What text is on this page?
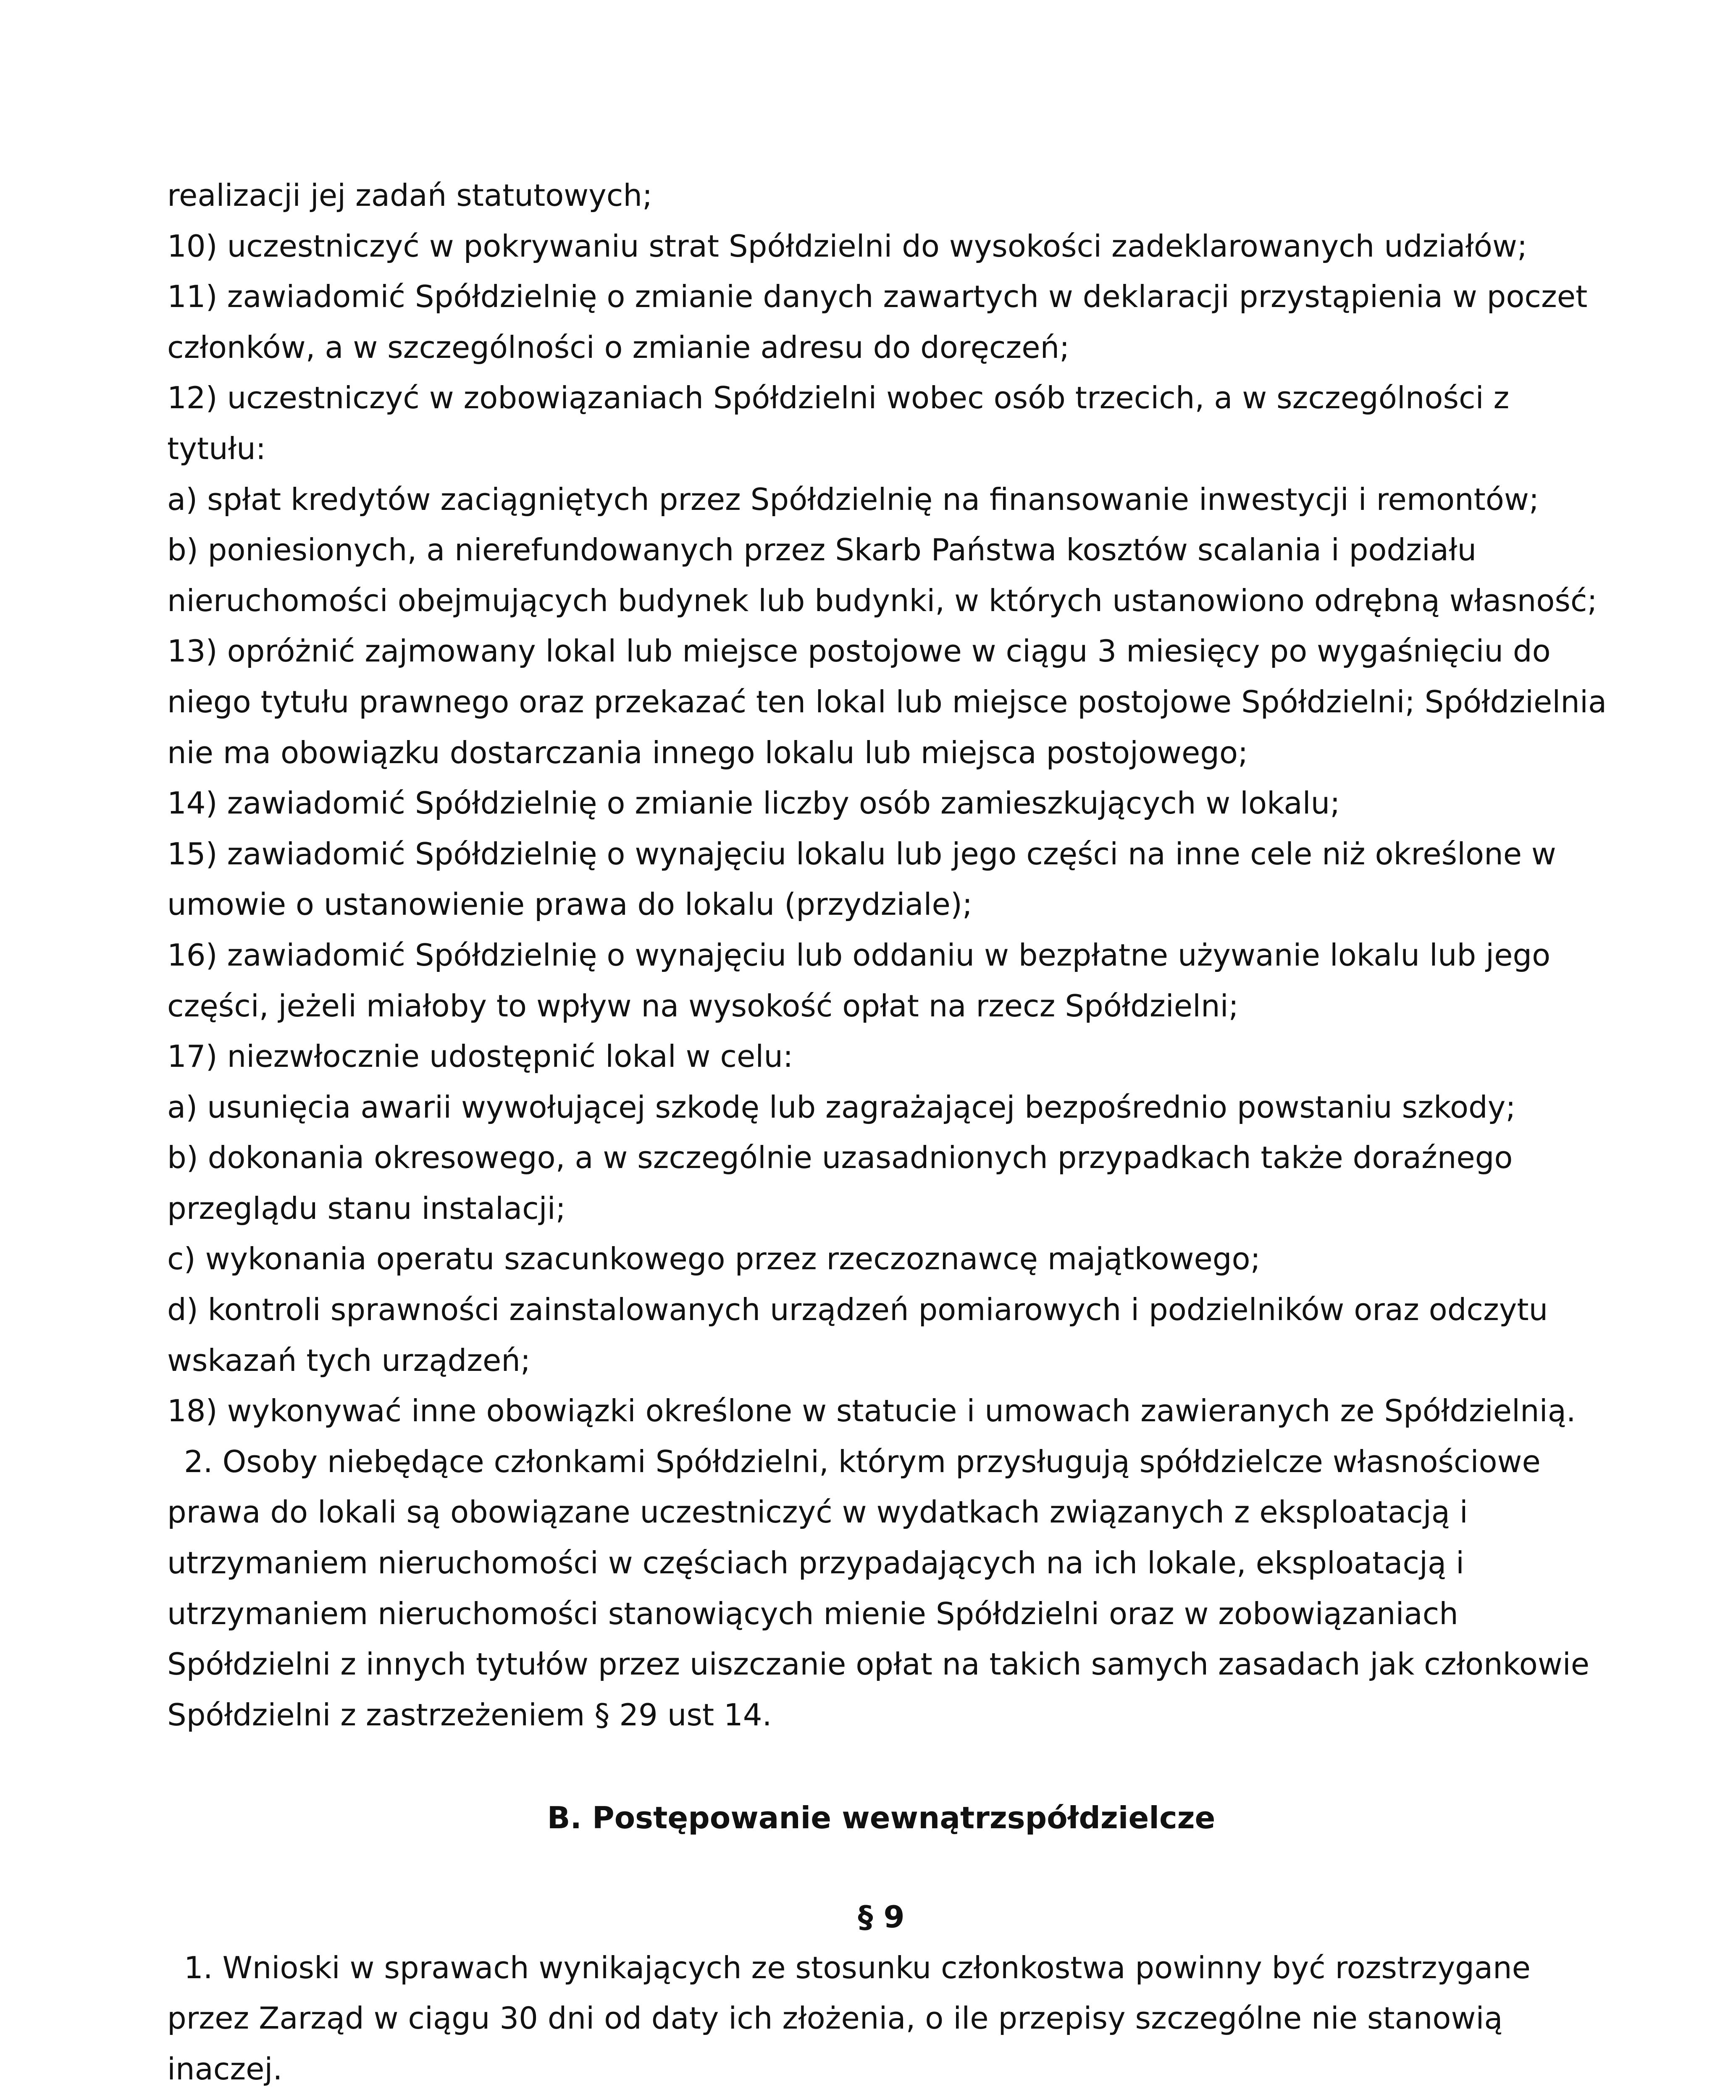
realizacji jej zadań statutowych;
10) uczestniczyć w pokrywaniu strat Spółdzielni do wysokości zadeklarowanych udziałów;
11) zawiadomić Spółdzielnię o zmianie danych zawartych w deklaracji przystąpienia w poczet
członków, a w szczególności o zmianie adresu do doręczeń;
12) uczestniczyć w zobowiązaniach Spółdzielni wobec osób trzecich, a w szczególności z
tytułu:
a) spłat kredytów zaciągniętych przez Spółdzielnię na finansowanie inwestycji i remontów;
b) poniesionych, a nierefundowanych przez Skarb Państwa kosztów scalania i podziału
nieruchomości obejmujących budynek lub budynki, w których ustanowiono odrębną własność;
13) opróżnić zajmowany lokal lub miejsce postojowe w ciągu 3 miesięcy po wygaśnięciu do
niego tytułu prawnego oraz przekazać ten lokal lub miejsce postojowe Spółdzielni; Spółdzielnia
nie ma obowiązku dostarczania innego lokalu lub miejsca postojowego;
14) zawiadomić Spółdzielnię o zmianie liczby osób zamieszkujących w lokalu;
15) zawiadomić Spółdzielnię o wynajęciu lokalu lub jego części na inne cele niż określone w
umowie o ustanowienie prawa do lokalu (przydziale);
16) zawiadomić Spółdzielnię o wynajęciu lub oddaniu w bezpłatne używanie lokalu lub jego
części, jeżeli miałoby to wpływ na wysokość opłat na rzecz Spółdzielni;
17) niezwłocznie udostępnić lokal w celu:
a) usunięcia awarii wywołującej szkodę lub zagrażającej bezpośrednio powstaniu szkody;
b) dokonania okresowego, a w szczególnie uzasadnionych przypadkach także doraźnego
przeglądu stanu instalacji;
c) wykonania operatu szacunkowego przez rzeczoznawcę majątkowego;
d) kontroli sprawności zainstalowanych urządzeń pomiarowych i podzielników oraz odczytu
wskazań tych urządzeń;
18) wykonywać inne obowiązki określone w statucie i umowach zawieranych ze Spółdzielnią.
2. Osoby niebędące członkami Spółdzielni, którym przysługują spółdzielcze własnościowe
prawa do lokali są obowiązane uczestniczyć w wydatkach związanych z eksploatacją i
utrzymaniem nieruchomości w częściach przypadających na ich lokale, eksploatacją i
utrzymaniem nieruchomości stanowiących mienie Spółdzielni oraz w zobowiązaniach
Spółdzielni z innych tytułów przez uiszczanie opłat na takich samych zasadach jak członkowie
Spółdzielni z zastrzeżeniem § 29 ust 14.
B. Postępowanie wewnątrzspółdzielcze
§ 9
1. Wnioski w sprawach wynikających ze stosunku członkostwa powinny być rozstrzygane
przez Zarząd w ciągu 30 dni od daty ich złożenia, o ile przepisy szczególne nie stanowią
inaczej.
